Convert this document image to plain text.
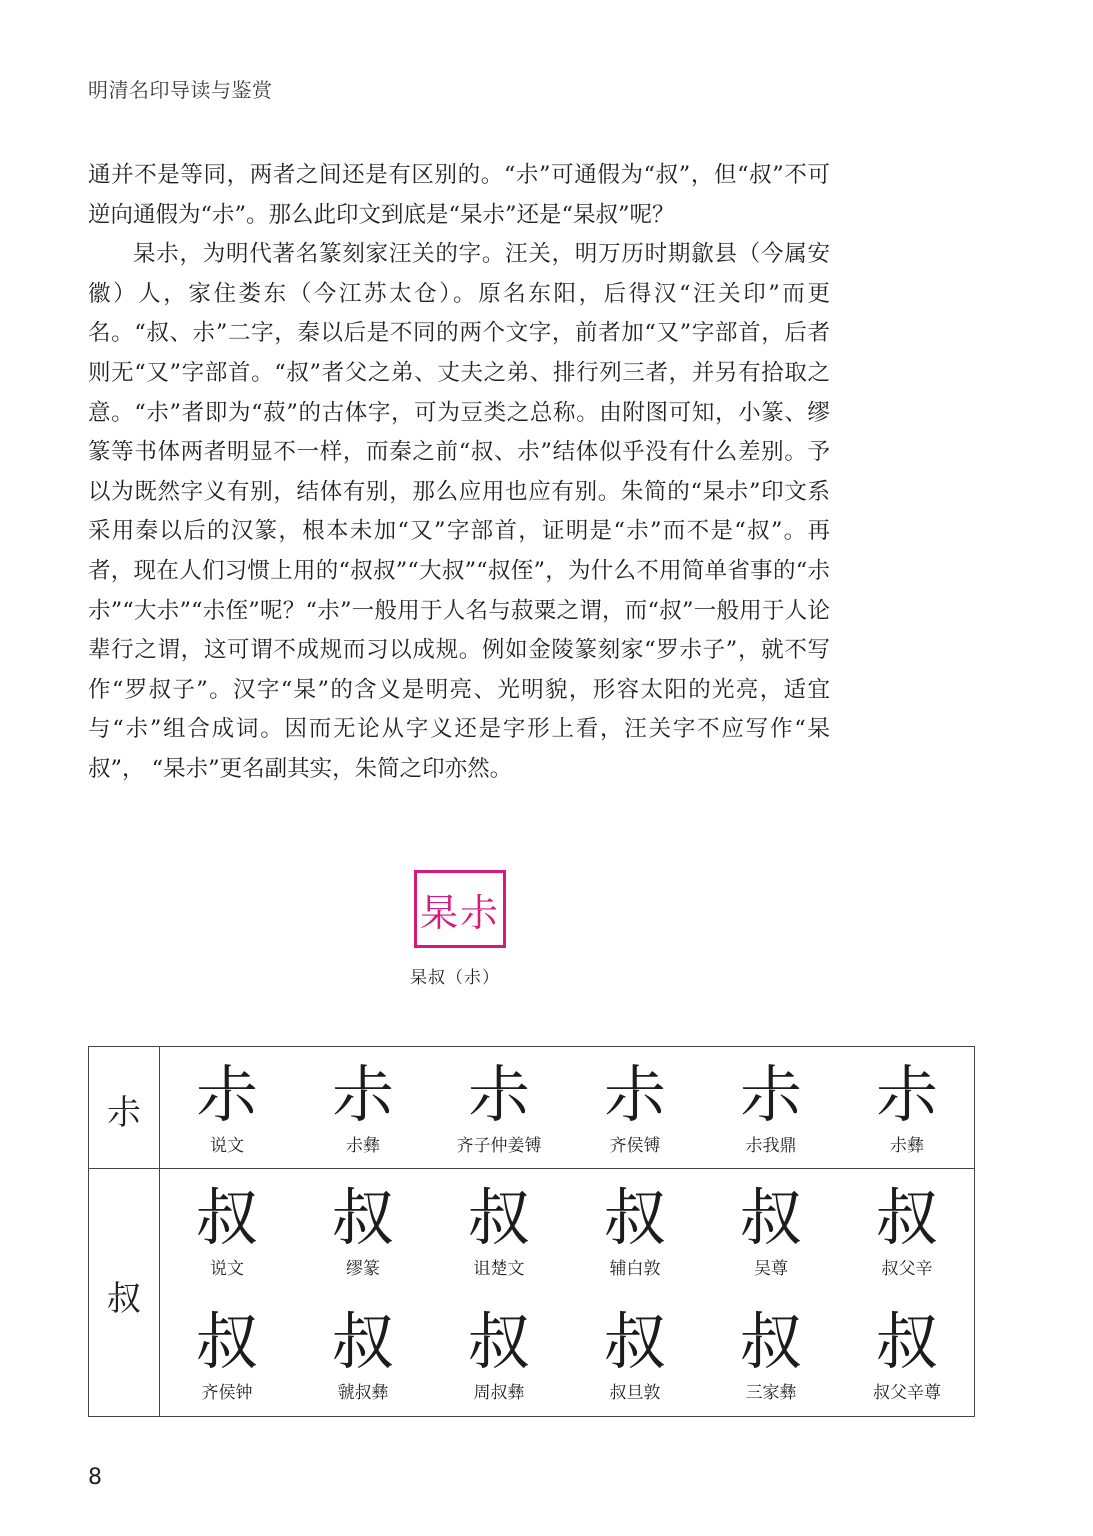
明清名印导读与鉴赏

通并不是等同，两者之间还是有区别的。“尗”可通假为“叔”，但“叔”不可逆向通假为“尗”。那么此印文到底是“杲尗”还是“杲叔”呢？

杲尗，为明代著名篆刻家汪关的字。汪关，明万历时期歙县（今属安徽）人，家住娄东（今江苏太仓）。原名东阳，后得汉“汪关印”而更名。“叔、尗”二字，秦以后是不同的两个文字，前者加“又”字部首，后者则无“又”字部首。“叔”者父之弟、丈夫之弟、排行列三者，并另有拾取之意。“尗”者即为“菽”的古体字，可为豆类之总称。由附图可知，小篆、缪篆等书体两者明显不一样，而秦之前“叔、尗”结体似乎没有什么差别。予以为既然字义有别，结体有别，那么应用也应有别。朱简的“杲尗”印文系采用秦以后的汉篆，根本未加“又”字部首，证明是“尗”而不是“叔”。再者，现在人们习惯上用的“叔叔”“大叔”“叔侄”，为什么不用简单省事的“尗尗”“大尗”“尗侄”呢？“尗”一般用于人名与菽粟之谓，而“叔”一般用于人论辈行之谓，这可谓不成规而习以成规。例如金陵篆刻家“罗尗子”，就不写作“罗叔子”。汉字“杲”的含义是明亮、光明貌，形容太阳的光亮，适宜与“尗”组合成词。因而无论从字义还是字形上看，汪关字不应写作“杲叔”， “杲尗”更名副其实，朱简之印亦然。

杲尗
杲叔（尗）
尗
叔
尗
说文
尗
尗彝
尗
齐子仲姜镈
尗
齐侯镈
尗
尗我鼎
尗
尗彝
叔
说文
叔
缪篆
叔
诅楚文
叔
辅白敦
叔
吴尊
叔
叔父辛
叔
齐侯钟
叔
虢叔彝
叔
周叔彝
叔
叔旦敦
叔
三家彝
叔
叔父辛尊
8
